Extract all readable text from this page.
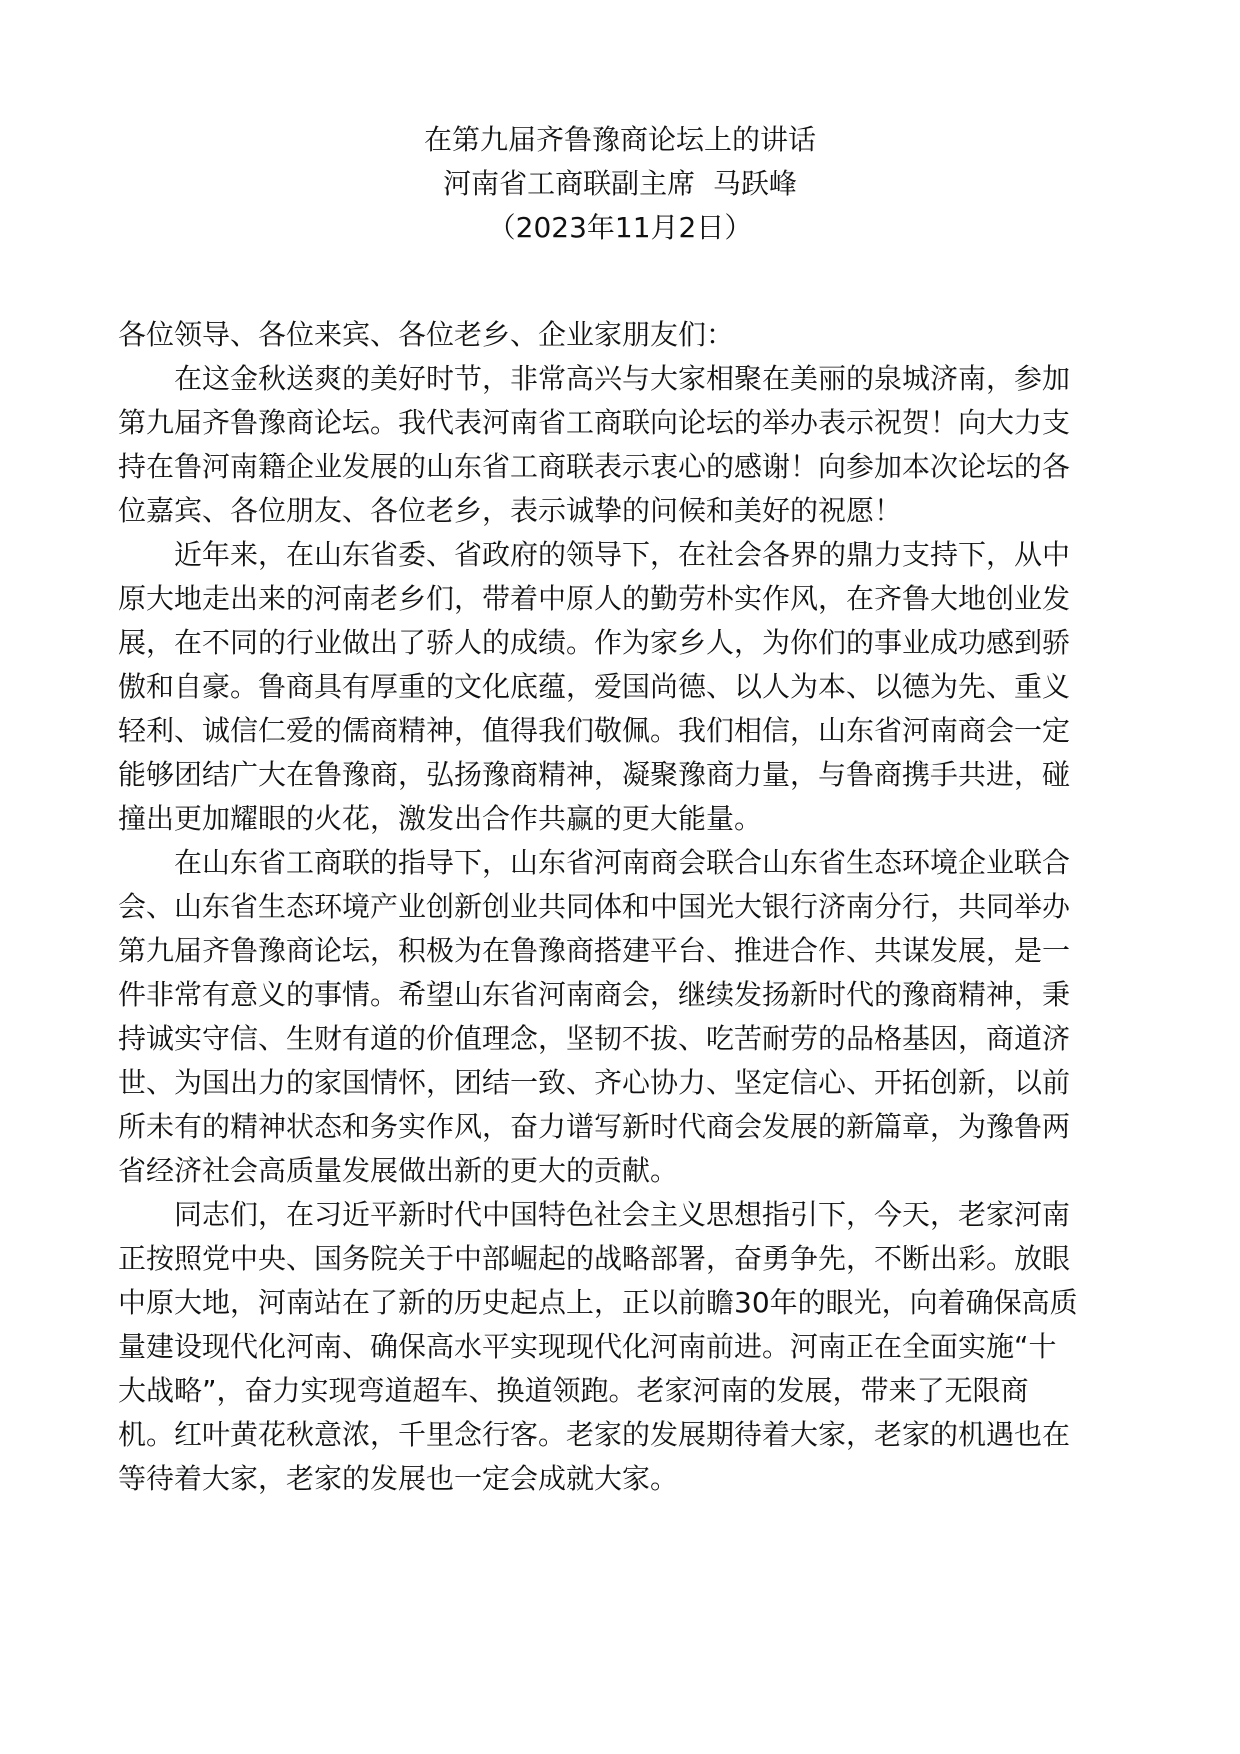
在第九届齐鲁豫商论坛上的讲话
河南省工商联副主席  马跃峰
（2023年11月2日）

各位领导、各位来宾、各位老乡、企业家朋友们：

在这金秋送爽的美好时节，非常高兴与大家相聚在美丽的泉城济南，参加
第九届齐鲁豫商论坛。我代表河南省工商联向论坛的举办表示祝贺！向大力支
持在鲁河南籍企业发展的山东省工商联表示衷心的感谢！向参加本次论坛的各
位嘉宾、各位朋友、各位老乡，表示诚挚的问候和美好的祝愿！
近年来，在山东省委、省政府的领导下，在社会各界的鼎力支持下，从中
原大地走出来的河南老乡们，带着中原人的勤劳朴实作风，在齐鲁大地创业发
展，在不同的行业做出了骄人的成绩。作为家乡人，为你们的事业成功感到骄
傲和自豪。鲁商具有厚重的文化底蕴，爱国尚德、以人为本、以德为先、重义
轻利、诚信仁爱的儒商精神，值得我们敬佩。我们相信，山东省河南商会一定
能够团结广大在鲁豫商，弘扬豫商精神，凝聚豫商力量，与鲁商携手共进，碰
撞出更加耀眼的火花，激发出合作共赢的更大能量。
在山东省工商联的指导下，山东省河南商会联合山东省生态环境企业联合
会、山东省生态环境产业创新创业共同体和中国光大银行济南分行，共同举办
第九届齐鲁豫商论坛，积极为在鲁豫商搭建平台、推进合作、共谋发展，是一
件非常有意义的事情。希望山东省河南商会，继续发扬新时代的豫商精神，秉
持诚实守信、生财有道的价值理念，坚韧不拔、吃苦耐劳的品格基因，商道济
世、为国出力的家国情怀，团结一致、齐心协力、坚定信心、开拓创新，以前
所未有的精神状态和务实作风，奋力谱写新时代商会发展的新篇章，为豫鲁两
省经济社会高质量发展做出新的更大的贡献。
同志们，在习近平新时代中国特色社会主义思想指引下，今天，老家河南
正按照党中央、国务院关于中部崛起的战略部署，奋勇争先，不断出彩。放眼
中原大地，河南站在了新的历史起点上，正以前瞻30年的眼光，向着确保高质
量建设现代化河南、确保高水平实现现代化河南前进。河南正在全面实施“十
大战略”，奋力实现弯道超车、换道领跑。老家河南的发展，带来了无限商
机。红叶黄花秋意浓，千里念行客。老家的发展期待着大家，老家的机遇也在
等待着大家，老家的发展也一定会成就大家。
